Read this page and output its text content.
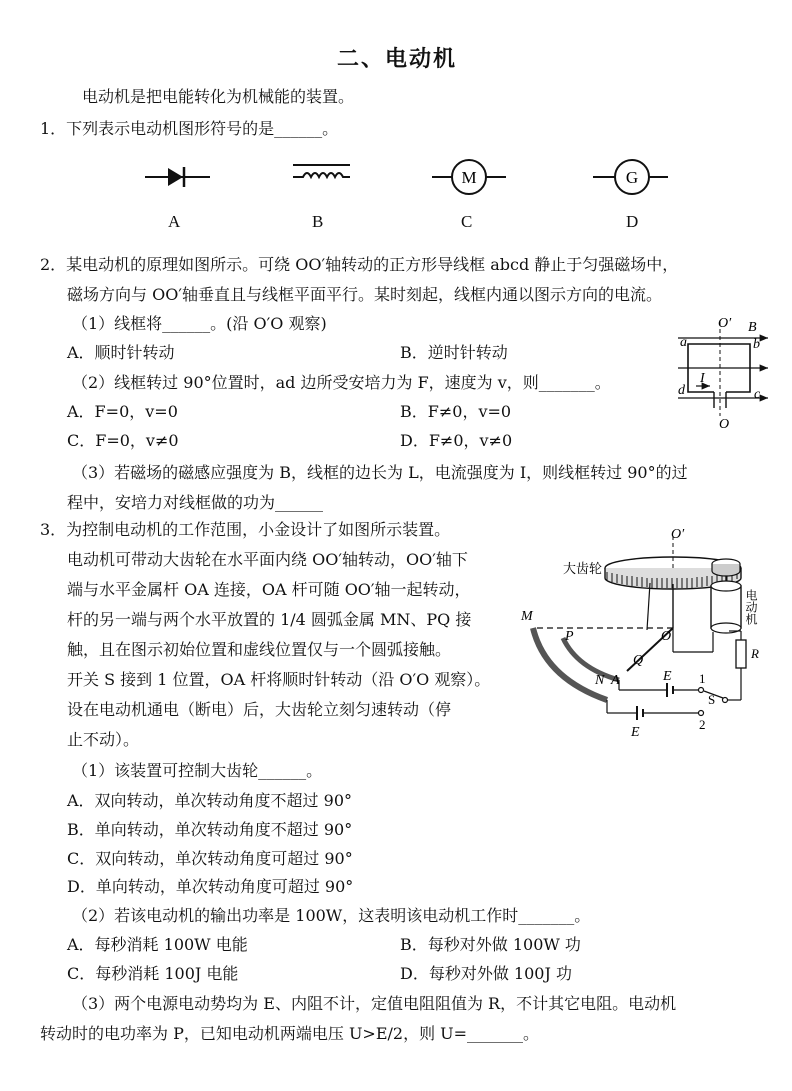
二、电动机
电动机是把电能转化为机械能的装置。
1．下列表示电动机图形符号的是______。
M	G
A	B	C	D
2．某电动机的原理如图所示。可绕 OO′轴转动的正方形导线框 abcd 静止于匀强磁场中，
磁场方向与 OO′轴垂直且与线框平面平行。某时刻起，线框内通以图示方向的电流。
（1）线框将______。(沿 O′O 观察)
A．顺时针转动	B．逆时针转动
（2）线框转过 90°位置时，ad 边所受安培力为 F，速度为 v，则_______。
A．F=0，v=0	B．F≠0，v=0
C．F=0，v≠0	D．F≠0，v≠0
（3）若磁场的磁感应强度为 B，线框的边长为 L，电流强度为 I，则线框转过 90°的过
程中，安培力对线框做的功为______
O′ B
a	b
c
d
I
O
3．为控制电动机的工作范围，小金设计了如图所示装置。
电动机可带动大齿轮在水平面内绕 OO′轴转动，OO′轴下
端与水平金属杆 OA 连接，OA 杆可随 OO′轴一起转动，
杆的另一端与两个水平放置的 1/4 圆弧金属 MN、PQ 接
触，且在图示初始位置和虚线位置仅与一个圆弧接触。
开关 S 接到 1 位置，OA 杆将顺时针转动（沿 O′O 观察）。
设在电动机通电（断电）后，大齿轮立刻匀速转动（停
止不动）。
（1）该装置可控制大齿轮______。
A．双向转动，单次转动角度不超过 90°
B．单向转动，单次转动角度不超过 90°
C．双向转动，单次转动角度可超过 90°
D．单向转动，单次转动角度可超过 90°
（2）若该电动机的输出功率是 100W，这表明该电动机工作时_______。
A．每秒消耗 100W 电能	B．每秒对外做 100W 功
C．每秒消耗 100J 电能	D．每秒对外做 100J 功
（3）两个电源电动势均为 E、内阻不计，定值电阻阻值为 R，不计其它电阻。电动机
转动时的电功率为 P，已知电动机两端电压 U>E/2，则 U=_______。
大齿轮
O′
电动机
R
M
P	O
Q
N A	E 1
S
2
E
